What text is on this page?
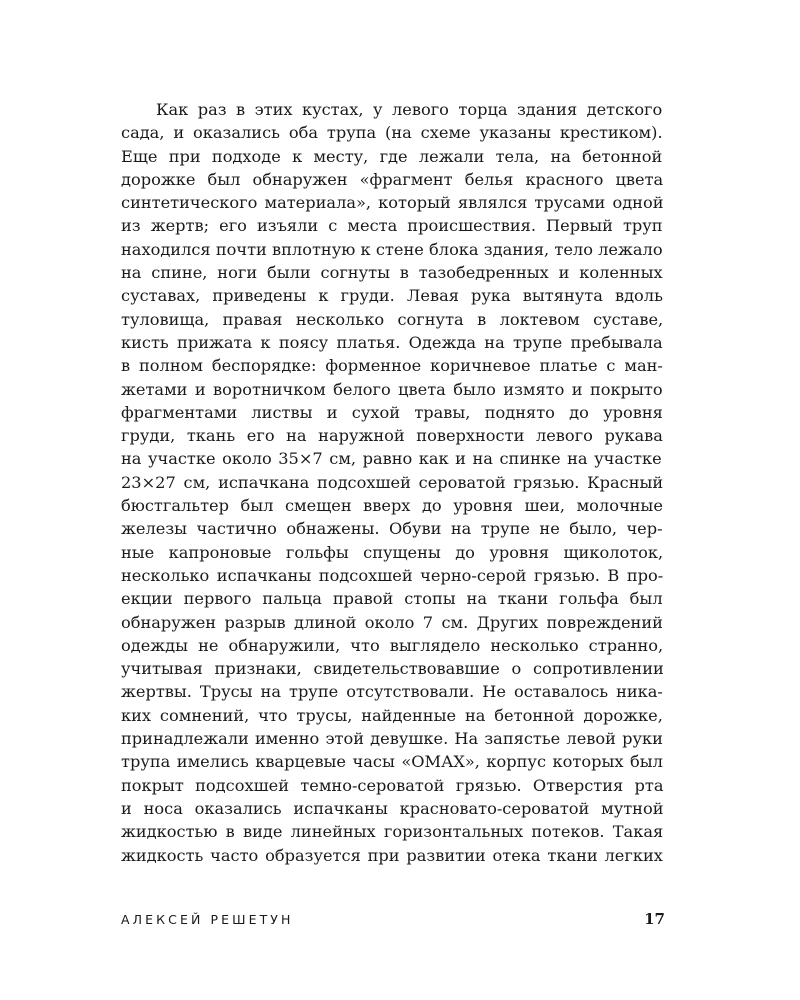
Как раз в этих кустах, у левого торца здания детского
сада, и оказались оба трупа (на схеме указаны крестиком).
Еще при подходе к месту, где лежали тела, на бетонной
дорожке был обнаружен «фрагмент белья красного цвета
синтетического материала», который являлся трусами одной
из жертв; его изъяли с места происшествия. Первый труп
находился почти вплотную к стене блока здания, тело лежало
на спине, ноги были согнуты в тазобедренных и коленных
суставах, приведены к груди. Левая рука вытянута вдоль
туловища, правая несколько согнута в локтевом суставе,
кисть прижата к поясу платья. Одежда на трупе пребывала
в полном беспорядке: форменное коричневое платье с ман-
жетами и воротничком белого цвета было измято и покрыто
фрагментами листвы и сухой травы, поднято до уровня
груди, ткань его на наружной поверхности левого рукава
на участке около 35×7 см, равно как и на спинке на участке
23×27 см, испачкана подсохшей сероватой грязью. Красный
бюстгальтер был смещен вверх до уровня шеи, молочные
железы частично обнажены. Обуви на трупе не было, чер-
ные капроновые гольфы спущены до уровня щиколоток,
несколько испачканы подсохшей черно-серой грязью. В про-
екции первого пальца правой стопы на ткани гольфа был
обнаружен разрыв длиной около 7 см. Других повреждений
одежды не обнаружили, что выглядело несколько странно,
учитывая признаки, свидетельствовавшие о сопротивлении
жертвы. Трусы на трупе отсутствовали. Не оставалось ника-
ких сомнений, что трусы, найденные на бетонной дорожке,
принадлежали именно этой девушке. На запястье левой руки
трупа имелись кварцевые часы «ОМАХ», корпус которых был
покрыт подсохшей темно-сероватой грязью. Отверстия рта
и носа оказались испачканы красновато-сероватой мутной
жидкостью в виде линейных горизонтальных потеков. Такая
жидкость часто образуется при развитии отека ткани легких
АЛЕКСЕЙ РЕШЕТУН	17
